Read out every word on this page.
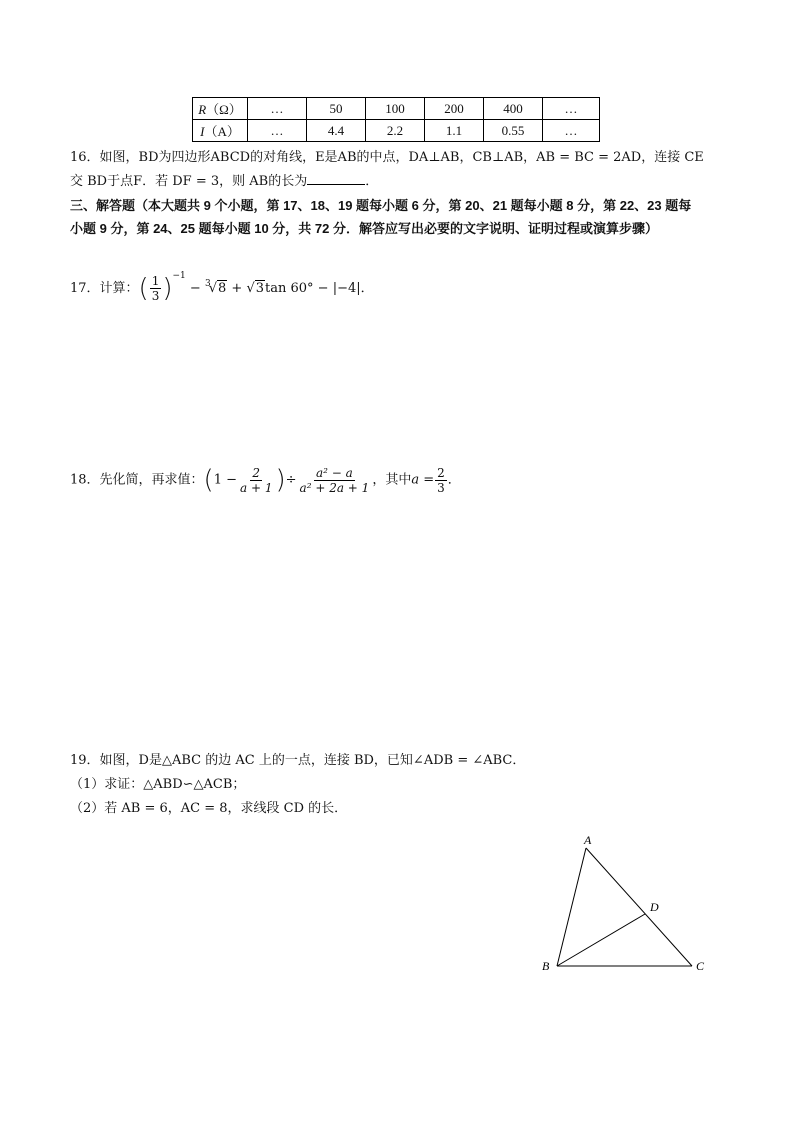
R（Ω）	…	50	100	200	400	…
I（A）	…	4.4	2.2	1.1	0.55	…
16．如图，BD为四边形ABCD的对角线，E是AB的中点，DA⊥AB，CB⊥AB，AB = BC = 2AD，连接 CE
交 BD于点F．若 DF = 3，则 AB的长为	．
三、解答题（本大题共 9 个小题，第 17、18、19 题每小题 6 分，第 20、21 题每小题 8 分，第 22、23 题每
小题 9 分，第 24、25 题每小题 10 分，共 72 分．解答应写出必要的文字说明、证明过程或演算步骤）
17．计算：( $\frac{1}{3} )^{-1} - ^3√8 + √3\tan$ 60° − |−4|．
18．先化简，再求值：($1 - \frac{2}{a + 1}$ )÷ $\frac{\text{a² − a}}{\text{a² + 2a + 1}}$ ，其中$a = \frac{2}{3}$ ．
19．如图，D是△ABC 的边 AC 上的一点，连接 BD，已知∠ADB = ∠ABC．
（1）求证：△ABD∽△ACB；
（2）若 AB = 6，AC = 8，求线段 CD 的长．
A
B	C
D
